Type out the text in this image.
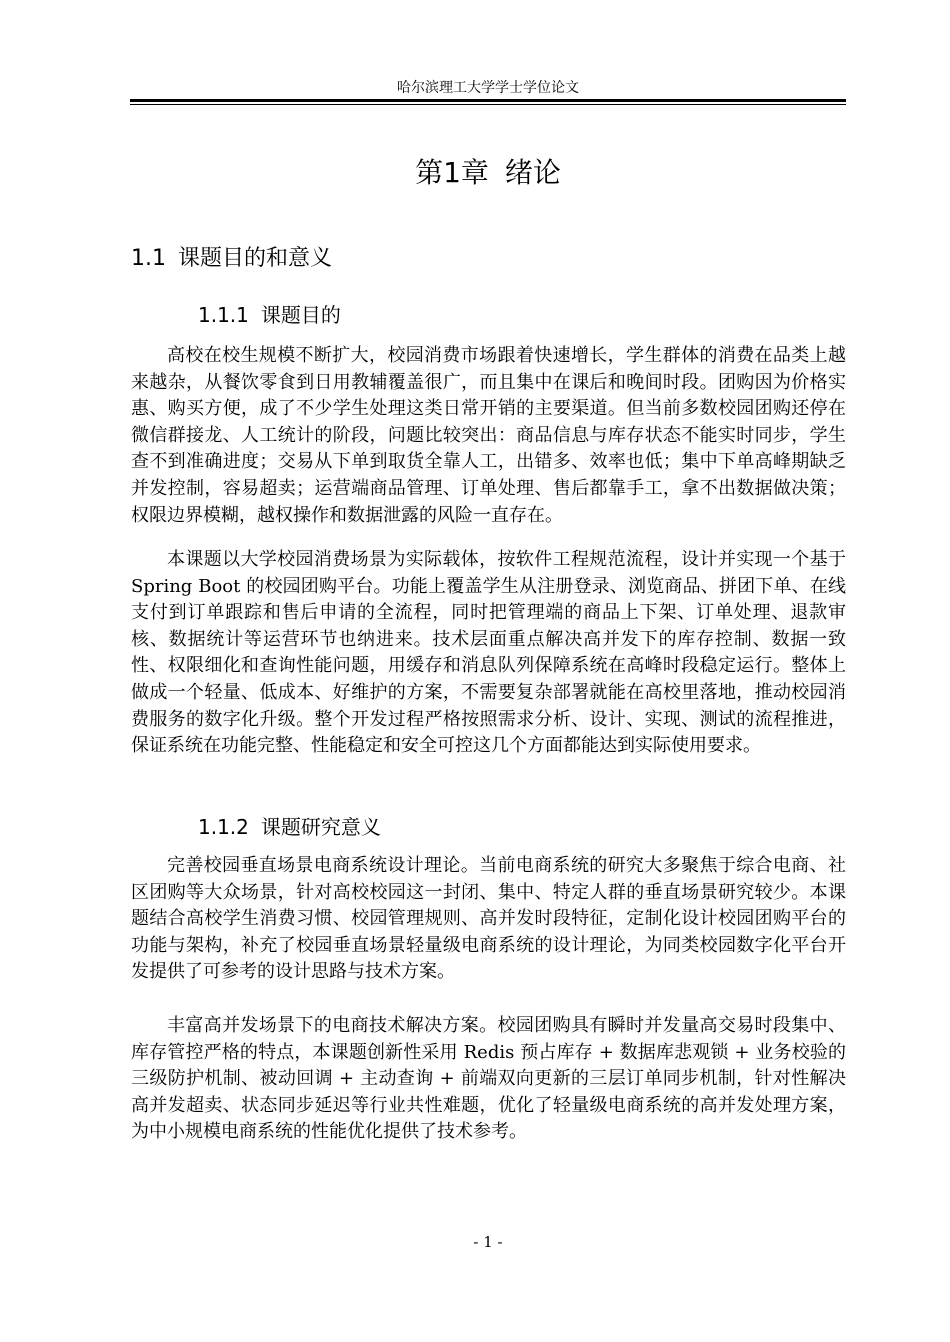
哈尔滨理工大学学士学位论文
第1章 绪论
1.1 课题目的和意义
1.1.1 课题目的

高校在校生规模不断扩大，校园消费市场跟着快速增长，学生群体的消费在品类上越来越杂，从餐饮零食到日用教辅覆盖很广，而且集中在课后和晚间时段。团购因为价格实惠、购买方便，成了不少学生处理这类日常开销的主要渠道。但当前多数校园团购还停在微信群接龙、人工统计的阶段，问题比较突出：商品信息与库存状态不能实时同步，学生查不到准确进度；交易从下单到取货全靠人工，出错多、效率也低；集中下单高峰期缺乏并发控制，容易超卖；运营端商品管理、订单处理、售后都靠手工，拿不出数据做决策；权限边界模糊，越权操作和数据泄露的风险一直存在。

本课题以大学校园消费场景为实际载体，按软件工程规范流程，设计并实现一个基于 Spring Boot 的校园团购平台。功能上覆盖学生从注册登录、浏览商品、拼团下单、在线支付到订单跟踪和售后申请的全流程，同时把管理端的商品上下架、订单处理、退款审核、数据统计等运营环节也纳进来。技术层面重点解决高并发下的库存控制、数据一致性、权限细化和查询性能问题，用缓存和消息队列保障系统在高峰时段稳定运行。整体上做成一个轻量、低成本、好维护的方案，不需要复杂部署就能在高校里落地，推动校园消费服务的数字化升级。整个开发过程严格按照需求分析、设计、实现、测试的流程推进，保证系统在功能完整、性能稳定和安全可控这几个方面都能达到实际使用要求。

1.1.2 课题研究意义

完善校园垂直场景电商系统设计理论。当前电商系统的研究大多聚焦于综合电商、社区团购等大众场景，针对高校校园这一封闭、集中、特定人群的垂直场景研究较少。本课题结合高校学生消费习惯、校园管理规则、高并发时段特征，定制化设计校园团购平台的功能与架构，补充了校园垂直场景轻量级电商系统的设计理论，为同类校园数字化平台开发提供了可参考的设计思路与技术方案。

丰富高并发场景下的电商技术解决方案。校园团购具有瞬时并发量高交易时段集中、库存管控严格的特点，本课题创新性采用 Redis 预占库存 + 数据库悲观锁 + 业务校验的三级防护机制、被动回调 + 主动查询 + 前端双向更新的三层订单同步机制，针对性解决高并发超卖、状态同步延迟等行业共性难题，优化了轻量级电商系统的高并发处理方案，为中小规模电商系统的性能优化提供了技术参考。

- 1 -
